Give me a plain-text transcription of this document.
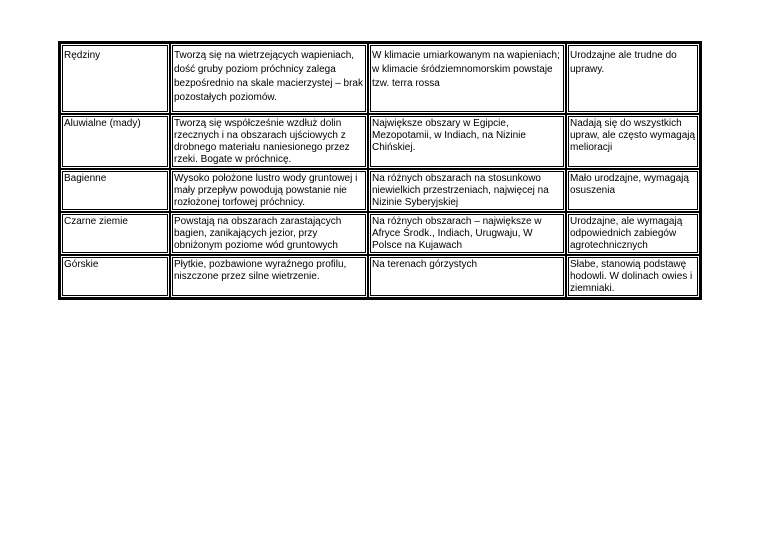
Rędziny	Tworzą się na wietrzejących wapieniach, dość gruby poziom próchnicy zalega bezpośrednio na skale macierzystej – brak pozostałych poziomów.	W klimacie umiarkowanym na wapieniach; w klimacie śródziemnomorskim powstaje tzw. terra rossa	Urodzajne ale trudne do uprawy.
Aluwialne (mady)	Tworzą się współcześnie wzdłuż dolin rzecznych i na obszarach ujściowych z drobnego materiału naniesionego przez rzeki. Bogate w próchnicę.	Największe obszary w Egipcie, Mezopotamii, w Indiach, na Nizinie Chińskiej.	Nadają się do wszystkich upraw, ale często wymagają melioracji
Bagienne	Wysoko położone lustro wody gruntowej i mały przepływ powodują powstanie nie rozłożonej torfowej próchnicy.	Na różnych obszarach na stosunkowo niewielkich przestrzeniach, najwięcej na Nizinie Syberyjskiej	Mało urodzajne, wymagają osuszenia
Czarne ziemie	Powstają na obszarach zarastających bagien, zanikających jezior, przy obniżonym poziome wód gruntowych	Na różnych obszarach – największe w Afryce Środk., Indiach, Urugwaju, W Polsce na Kujawach	Urodzajne, ale wymagają odpowiednich zabiegów agrotechnicznych
Górskie	Płytkie, pozbawione wyraźnego profilu, niszczone przez silne wietrzenie.	Na terenach górzystych	Słabe, stanowią podstawę hodowli. W dolinach owies i ziemniaki.
